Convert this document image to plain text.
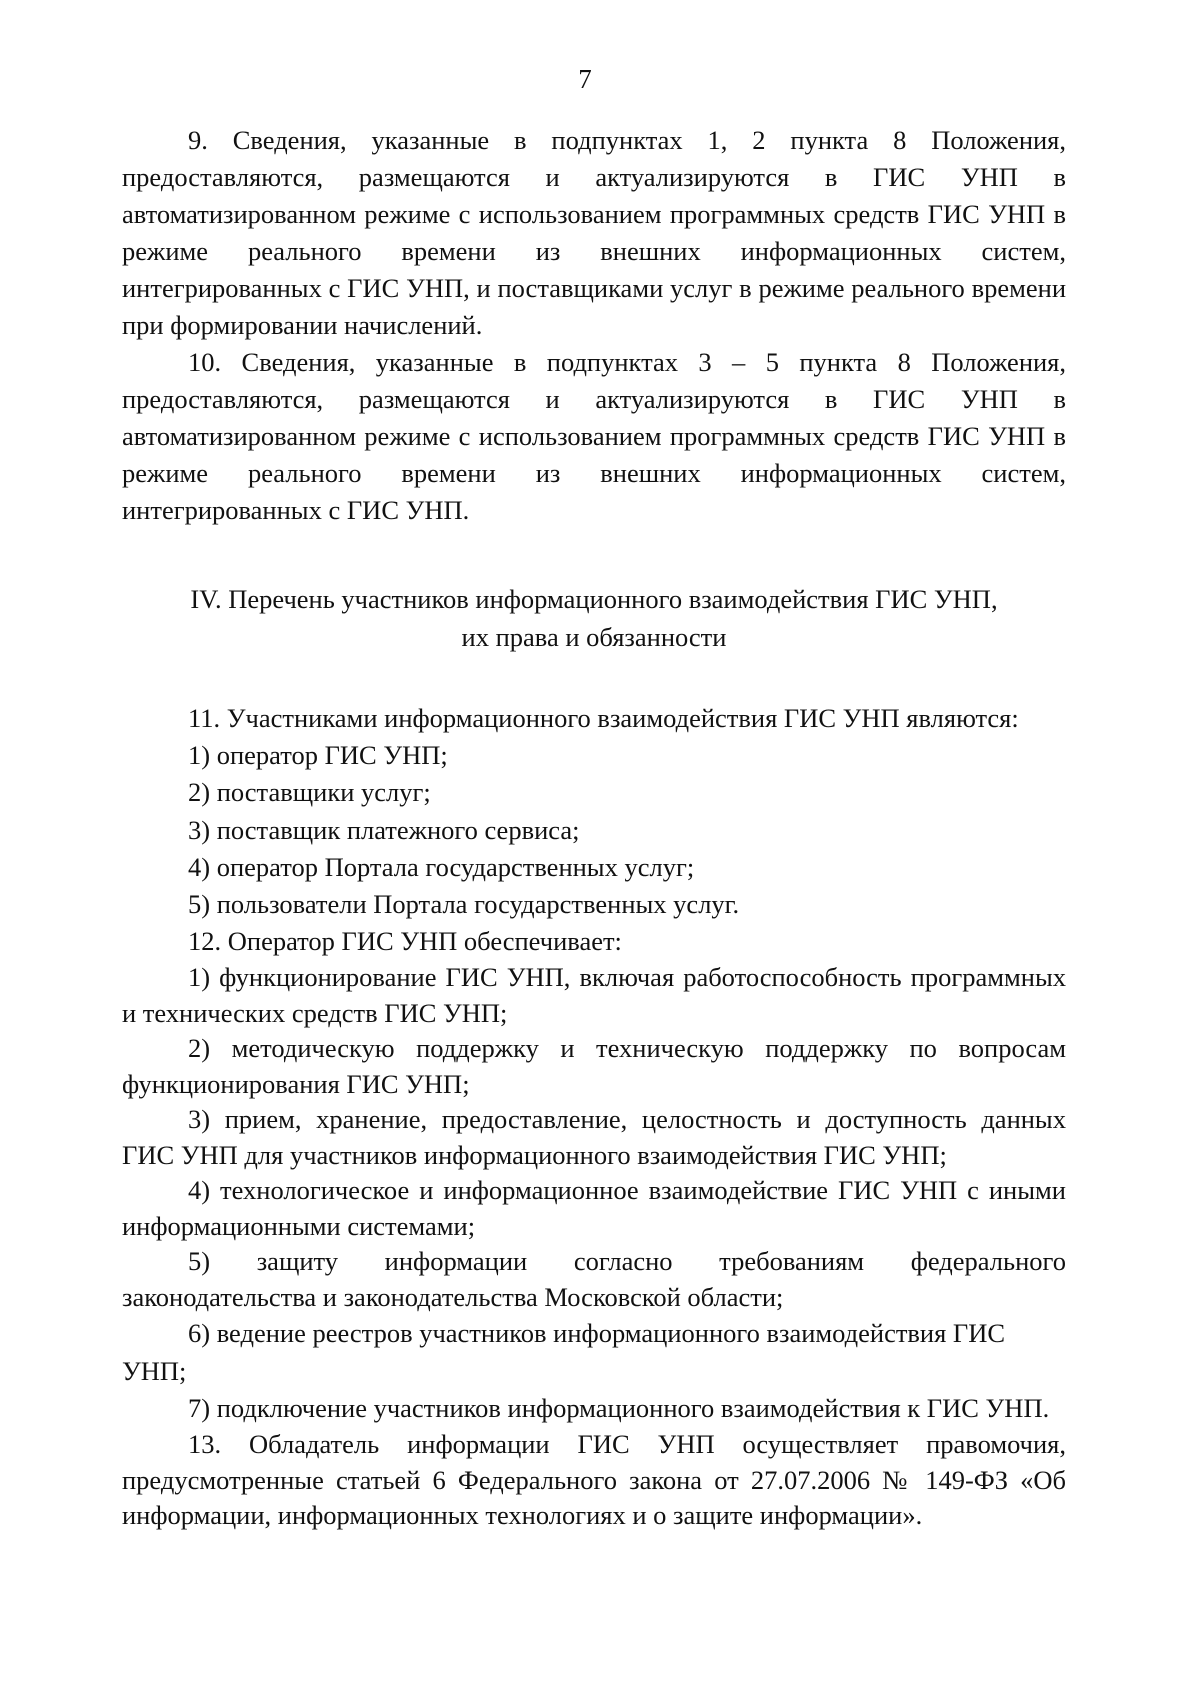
7

9. Сведения, указанные в подпунктах 1, 2 пункта 8 Положения, предоставляются, размещаются и актуализируются в ГИС УНП в автоматизированном режиме с использованием программных средств ГИС УНП в режиме реального времени из внешних информационных систем, интегрированных с ГИС УНП, и поставщиками услуг в режиме реального времени при формировании начислений.

10. Сведения, указанные в подпунктах 3 – 5 пункта 8 Положения, предоставляются, размещаются и актуализируются в ГИС УНП в автоматизированном режиме с использованием программных средств ГИС УНП в режиме реального времени из внешних информационных систем, интегрированных с ГИС УНП.

IV. Перечень участников информационного взаимодействия ГИС УНП,
их права и обязанности

11. Участниками информационного взаимодействия ГИС УНП являются:

1) оператор ГИС УНП;

2) поставщики услуг;

3) поставщик платежного сервиса;

4) оператор Портала государственных услуг;

5) пользователи Портала государственных услуг.

12. Оператор ГИС УНП обеспечивает:

1) функционирование ГИС УНП, включая работоспособность программных и технических средств ГИС УНП;

2) методическую поддержку и техническую поддержку по вопросам функционирования ГИС УНП;

3) прием, хранение, предоставление, целостность и доступность данных ГИС УНП для участников информационного взаимодействия ГИС УНП;

4) технологическое и информационное взаимодействие ГИС УНП с иными информационными системами;

5) защиту информации согласно требованиям федерального законодательства и законодательства Московской области;

6) ведение реестров участников информационного взаимодействия ГИС УНП;

7) подключение участников информационного взаимодействия к ГИС УНП.

13. Обладатель информации ГИС УНП осуществляет правомочия, предусмотренные статьей 6 Федерального закона от 27.07.2006 № 149-ФЗ «Об информации, информационных технологиях и о защите информации».
